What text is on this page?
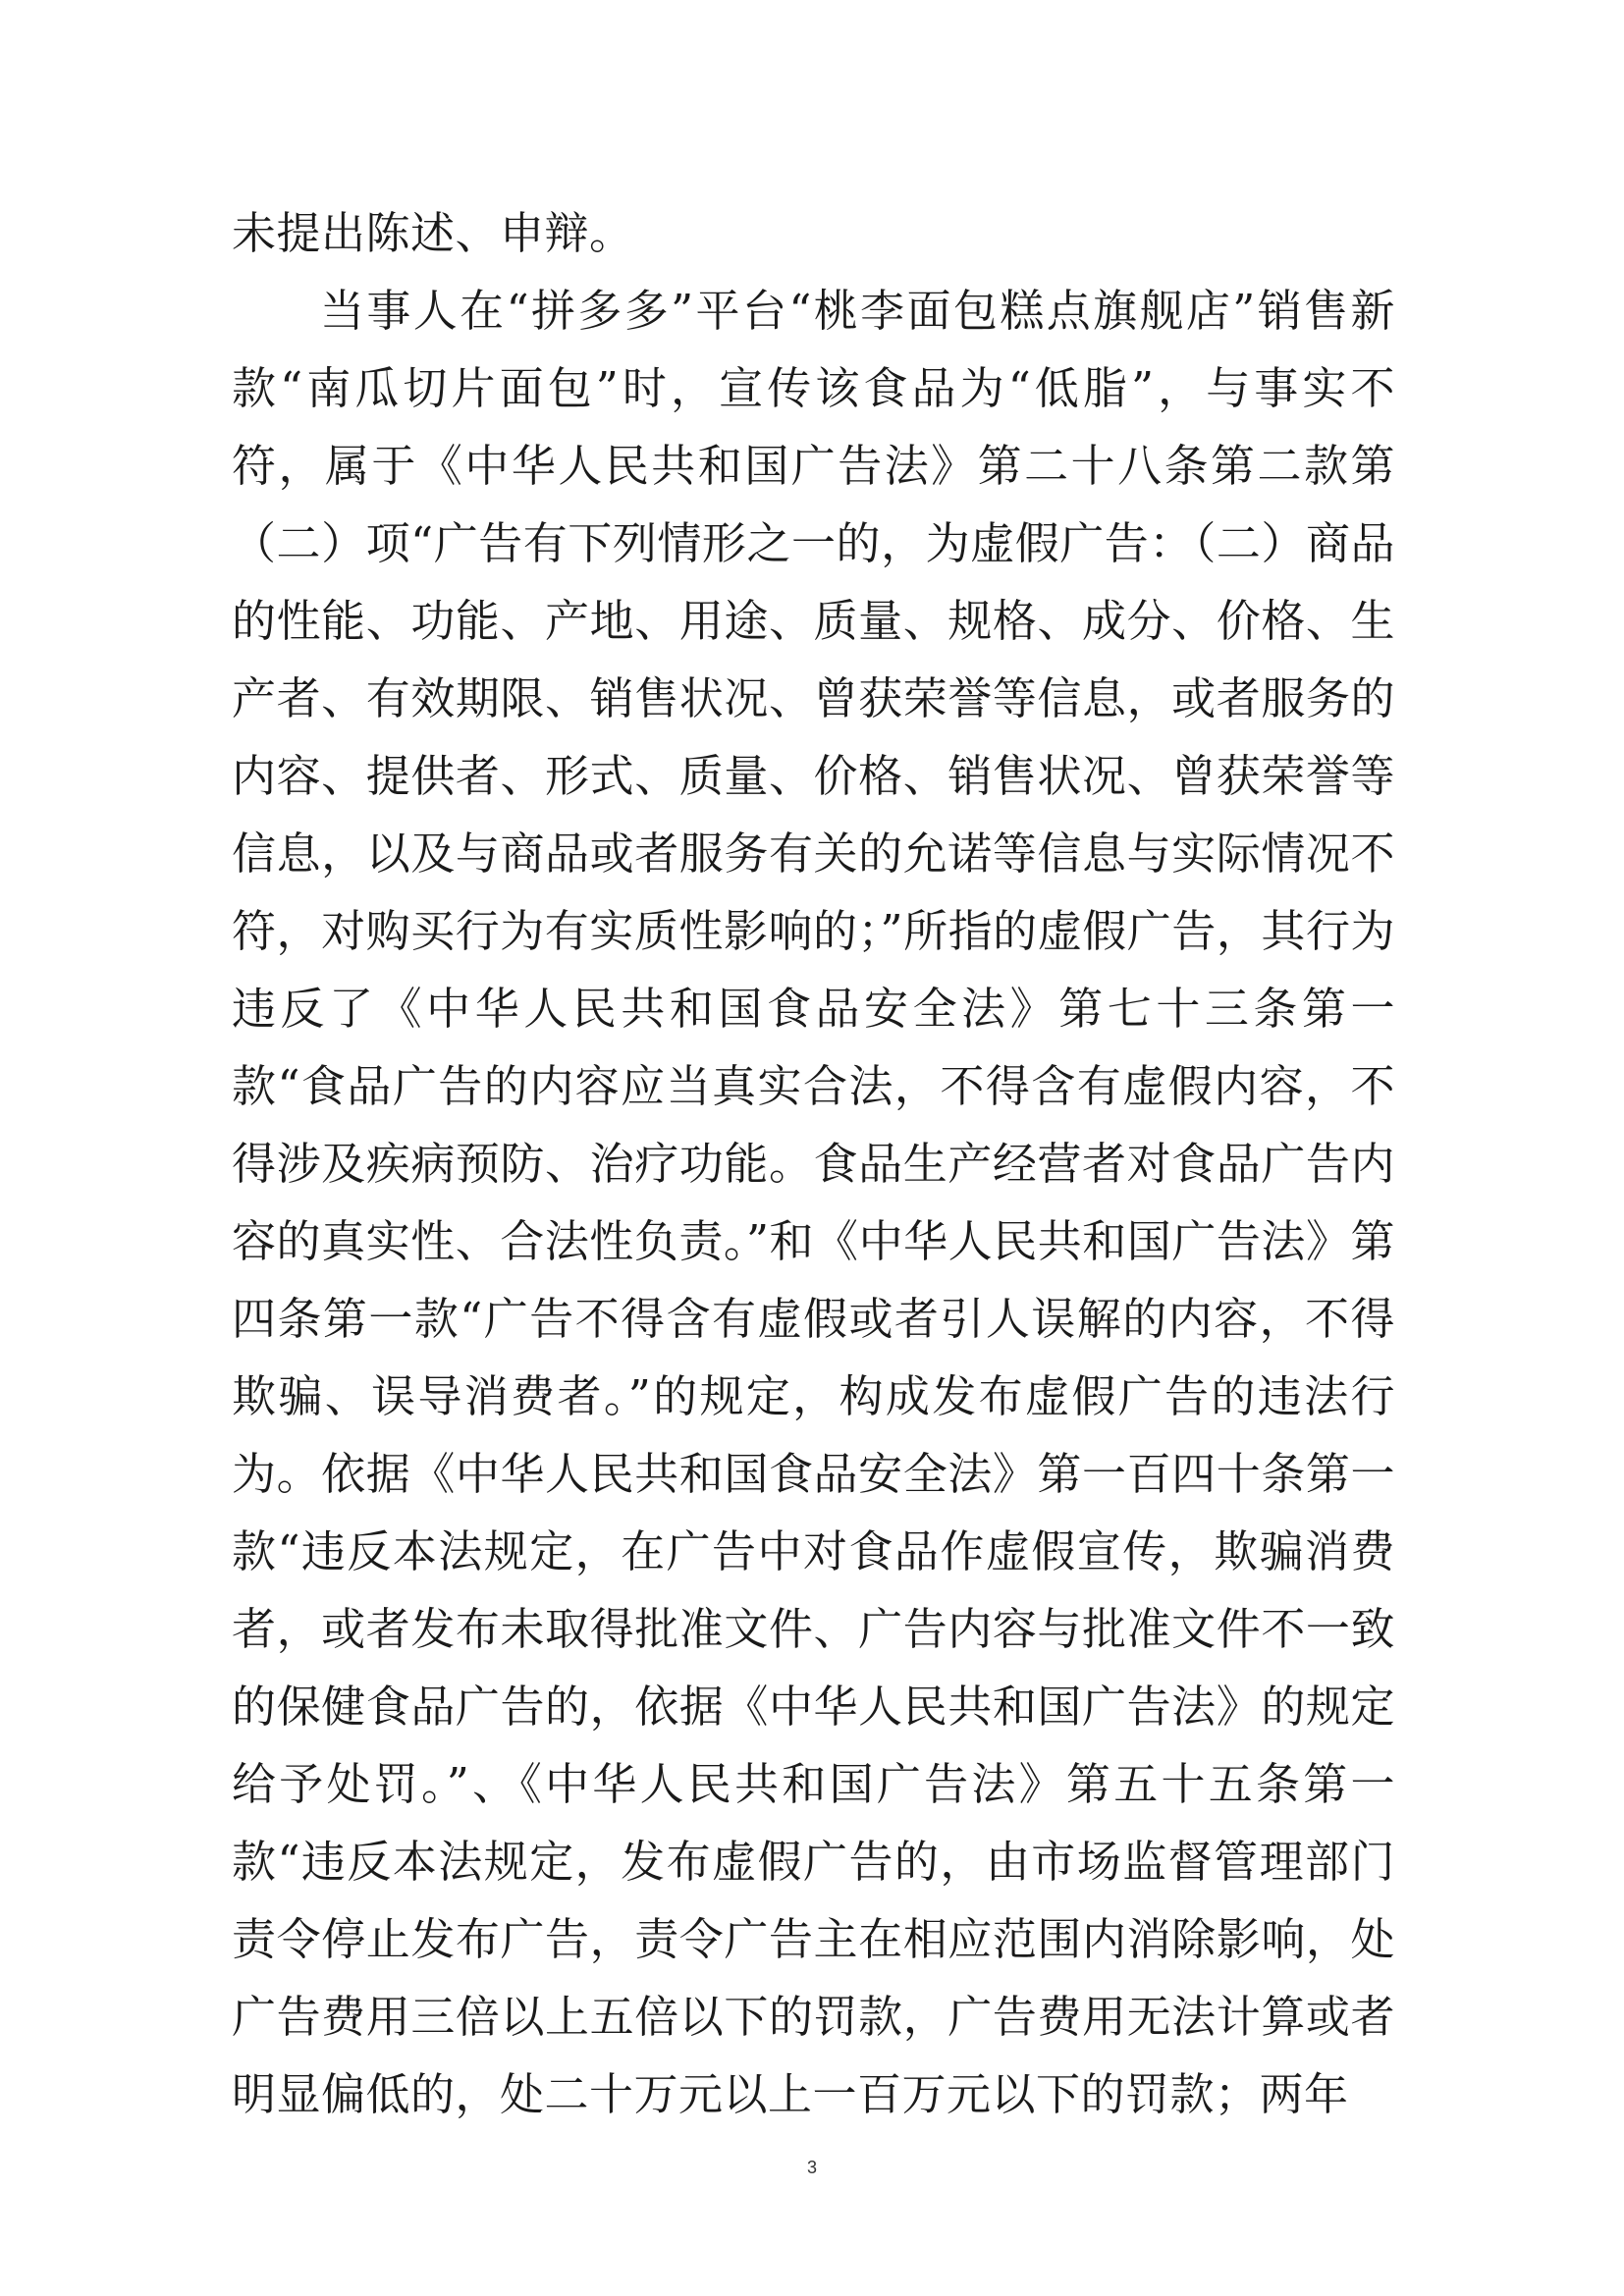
未提出陈述、申辩。

当事人在“拼多多”平台“桃李面包糕点旗舰店”销售新款“南瓜切片面包”时，宣传该食品为“低脂”，与事实不符，属于《中华人民共和国广告法》第二十八条第二款第（二）项“广告有下列情形之一的，为虚假广告：（二）商品的性能、功能、产地、用途、质量、规格、成分、价格、生产者、有效期限、销售状况、曾获荣誉等信息，或者服务的内容、提供者、形式、质量、价格、销售状况、曾获荣誉等信息，以及与商品或者服务有关的允诺等信息与实际情况不符，对购买行为有实质性影响的；”所指的虚假广告，其行为违反了《中华人民共和国食品安全法》第七十三条第一款“食品广告的内容应当真实合法，不得含有虚假内容，不得涉及疾病预防、治疗功能。食品生产经营者对食品广告内容的真实性、合法性负责。”和《中华人民共和国广告法》第四条第一款“广告不得含有虚假或者引人误解的内容，不得欺骗、误导消费者。”的规定，构成发布虚假广告的违法行为。依据《中华人民共和国食品安全法》第一百四十条第一款“违反本法规定，在广告中对食品作虚假宣传，欺骗消费者，或者发布未取得批准文件、广告内容与批准文件不一致的保健食品广告的，依据《中华人民共和国广告法》的规定给予处罚。”、《中华人民共和国广告法》第五十五条第一款“违反本法规定，发布虚假广告的，由市场监督管理部门责令停止发布广告，责令广告主在相应范围内消除影响，处广告费用三倍以上五倍以下的罚款，广告费用无法计算或者明显偏低的，处二十万元以上一百万元以下的罚款；两年

3
